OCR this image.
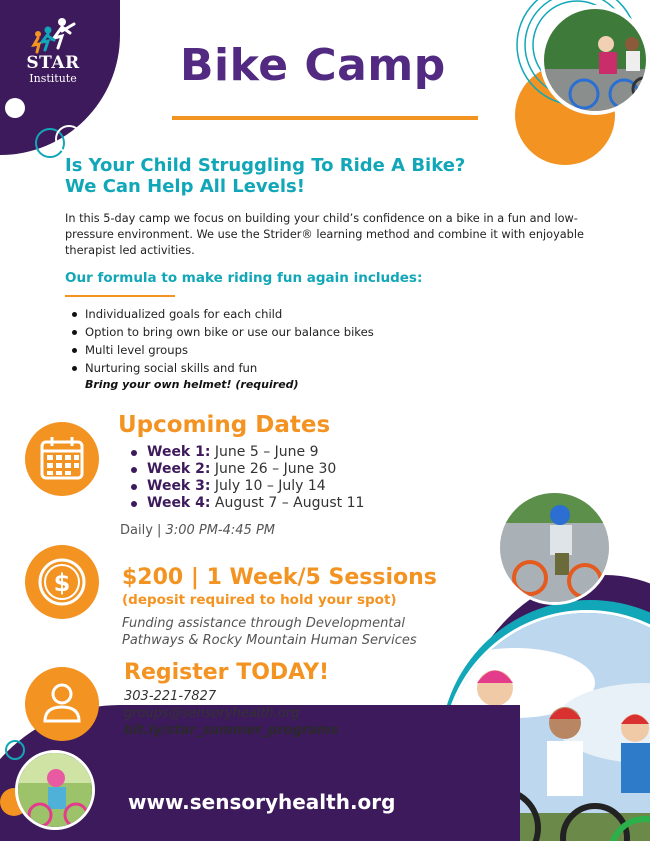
STAR
Institute Bike Camp
Is Your Child Struggling To Ride A Bike?
We Can Help All Levels!
In this 5-day camp we focus on building your child’s confidence on a bike in a fun and low-pressure environment. We use the Strider® learning method and combine it with enjoyable therapist led activities.
Our formula to make riding fun again includes:
Individualized goals for each child
Option to bring own bike or use our balance bikes
Multi level groups
Nurturing social skills and fun
Bring your own helmet! (required)
$
Upcoming Dates
Week 1: June 5 – June 9
Week 2: June 26 – June 30
Week 3: July 10 – July 14
Week 4: August 7 – August 11
Daily | 3:00 PM-4:45 PM
$200 | 1 Week/5 Sessions
(deposit required to hold your spot)
Funding assistance through Developmental Pathways & Rocky Mountain Human Services
Register TODAY!
303-221-7827
groups@sensoryhealth.org
bit.ly/star_summer_programs
www.sensoryhealth.org
